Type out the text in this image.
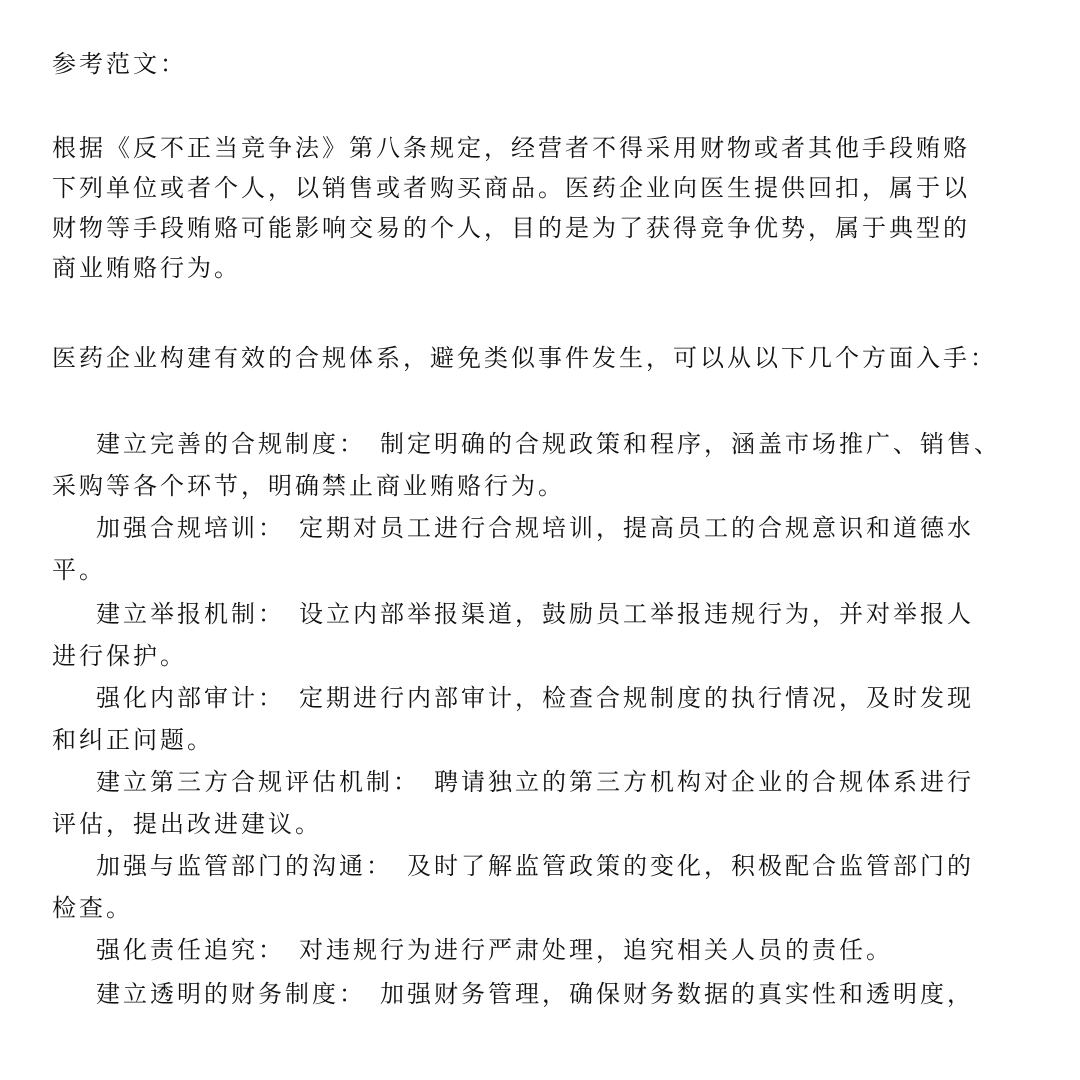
参考范文：
根据《反不正当竞争法》第八条规定，经营者不得采用财物或者其他手段贿赂
下列单位或者个人，以销售或者购买商品。医药企业向医生提供回扣，属于以
财物等手段贿赂可能影响交易的个人，目的是为了获得竞争优势，属于典型的
商业贿赂行为。
医药企业构建有效的合规体系，避免类似事件发生，可以从以下几个方面入手：
建立完善的合规制度： 制定明确的合规政策和程序，涵盖市场推广、销售、
采购等各个环节，明确禁止商业贿赂行为。
加强合规培训： 定期对员工进行合规培训，提高员工的合规意识和道德水
平。
建立举报机制： 设立内部举报渠道，鼓励员工举报违规行为，并对举报人
进行保护。
强化内部审计： 定期进行内部审计，检查合规制度的执行情况，及时发现
和纠正问题。
建立第三方合规评估机制： 聘请独立的第三方机构对企业的合规体系进行
评估，提出改进建议。
加强与监管部门的沟通： 及时了解监管政策的变化，积极配合监管部门的
检查。
强化责任追究： 对违规行为进行严肃处理，追究相关人员的责任。
建立透明的财务制度： 加强财务管理，确保财务数据的真实性和透明度，
